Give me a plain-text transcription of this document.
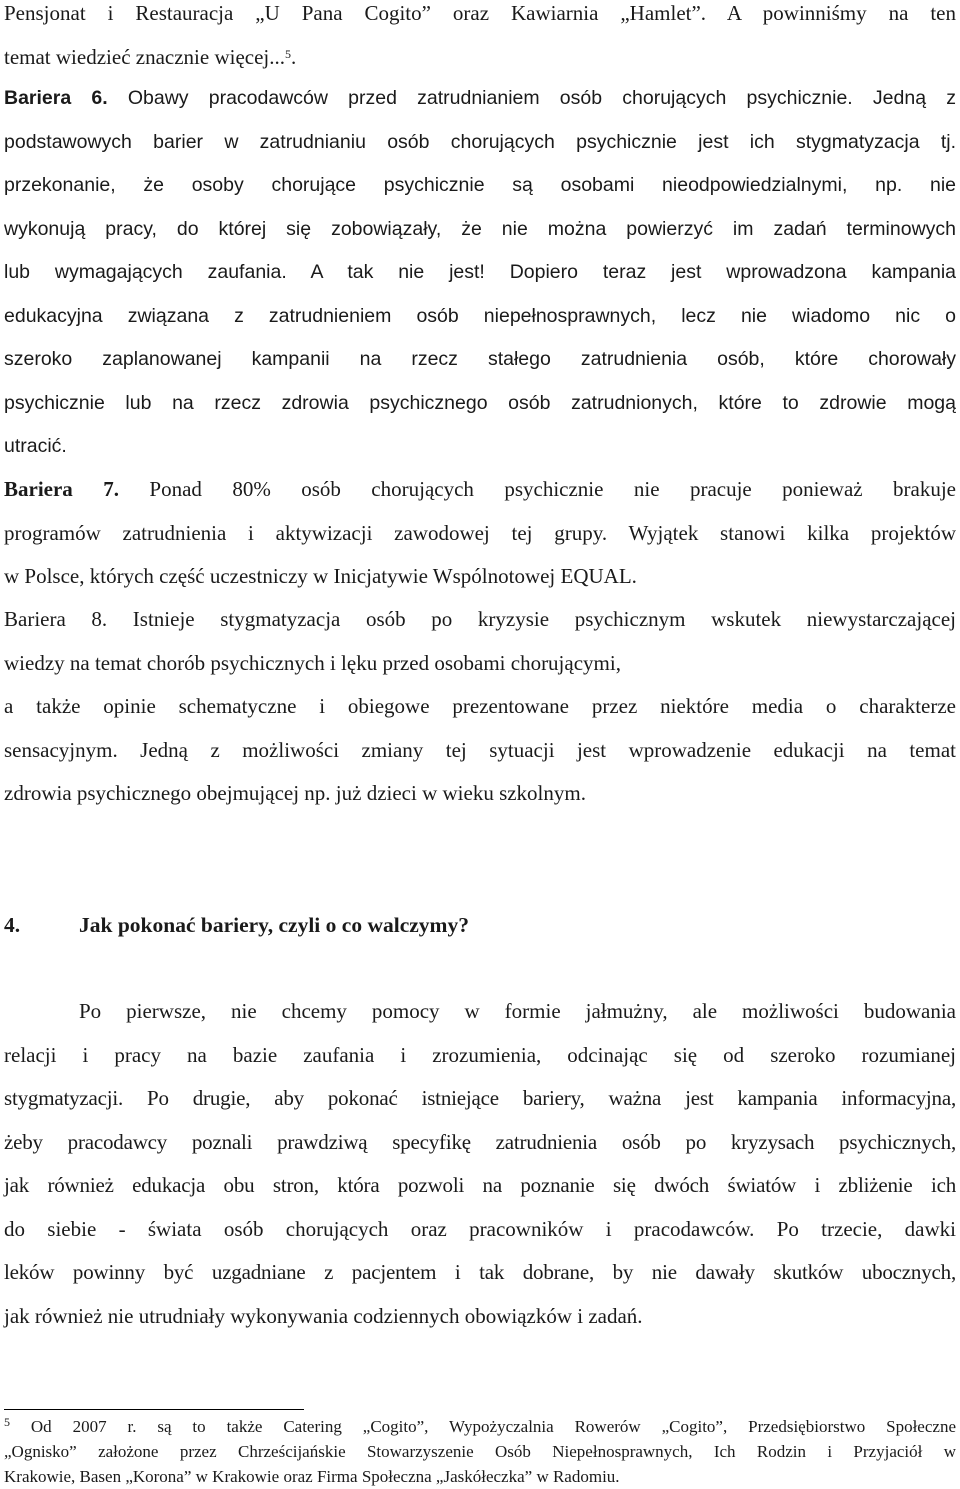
Pensjonat i Restauracja „U Pana Cogito” oraz Kawiarnia „Hamlet”. A powinniśmy na ten
temat wiedzieć znacznie więcej...$^5$.
Bariera 6. Obawy pracodawców przed zatrudnianiem osób chorujących psychicznie. Jedną z
podstawowych barier w zatrudnianiu osób chorujących psychicznie jest ich stygmatyzacja tj.
przekonanie, że osoby chorujące psychicznie są osobami nieodpowiedzialnymi, np. nie
wykonują pracy, do której się zobowiązały, że nie można powierzyć im zadań terminowych
lub wymagających zaufania. A tak nie jest! Dopiero teraz jest wprowadzona kampania
edukacyjna związana z zatrudnieniem osób niepełnosprawnych, lecz nie wiadomo nic o
szeroko zaplanowanej kampanii na rzecz stałego zatrudnienia osób, które chorowały
psychicznie lub na rzecz zdrowia psychicznego osób zatrudnionych, które to zdrowie mogą
utracić.
Bariera 7. Ponad 80% osób chorujących psychicznie nie pracuje ponieważ brakuje
programów zatrudnienia i aktywizacji zawodowej tej grupy. Wyjątek stanowi kilka projektów
w Polsce, których część uczestniczy w Inicjatywie Wspólnotowej EQUAL.
Bariera 8. Istnieje stygmatyzacja osób po kryzysie psychicznym wskutek niewystarczającej
wiedzy na temat chorób psychicznych i lęku przed osobami chorującymi,
a także opinie schematyczne i obiegowe prezentowane przez niektóre media o charakterze
sensacyjnym. Jedną z możliwości zmiany tej sytuacji jest wprowadzenie edukacji na temat
zdrowia psychicznego obejmującej np. już dzieci w wieku szkolnym.
4.	Jak pokonać bariery, czyli o co walczymy?
Po pierwsze, nie chcemy pomocy w formie jałmużny, ale możliwości budowania
relacji i pracy na bazie zaufania i zrozumienia, odcinając się od szeroko rozumianej
stygmatyzacji. Po drugie, aby pokonać istniejące bariery, ważna jest kampania informacyjna,
żeby pracodawcy poznali prawdziwą specyfikę zatrudnienia osób po kryzysach psychicznych,
jak również edukacja obu stron, która pozwoli na poznanie się dwóch światów i zbliżenie ich
do siebie - świata osób chorujących oraz pracowników i pracodawców. Po trzecie, dawki
leków powinny być uzgadniane z pacjentem i tak dobrane, by nie dawały skutków ubocznych,
jak również nie utrudniały wykonywania codziennych obowiązków i zadań.
$^5$ Od 2007 r. są to także Catering „Cogito”, Wypożyczalnia Rowerów „Cogito”, Przedsiębiorstwo Społeczne
„Ognisko” założone przez Chrześcijańskie Stowarzyszenie Osób Niepełnosprawnych, Ich Rodzin i Przyjaciół w
Krakowie, Basen „Korona” w Krakowie oraz Firma Społeczna „Jaskółeczka” w Radomiu.
